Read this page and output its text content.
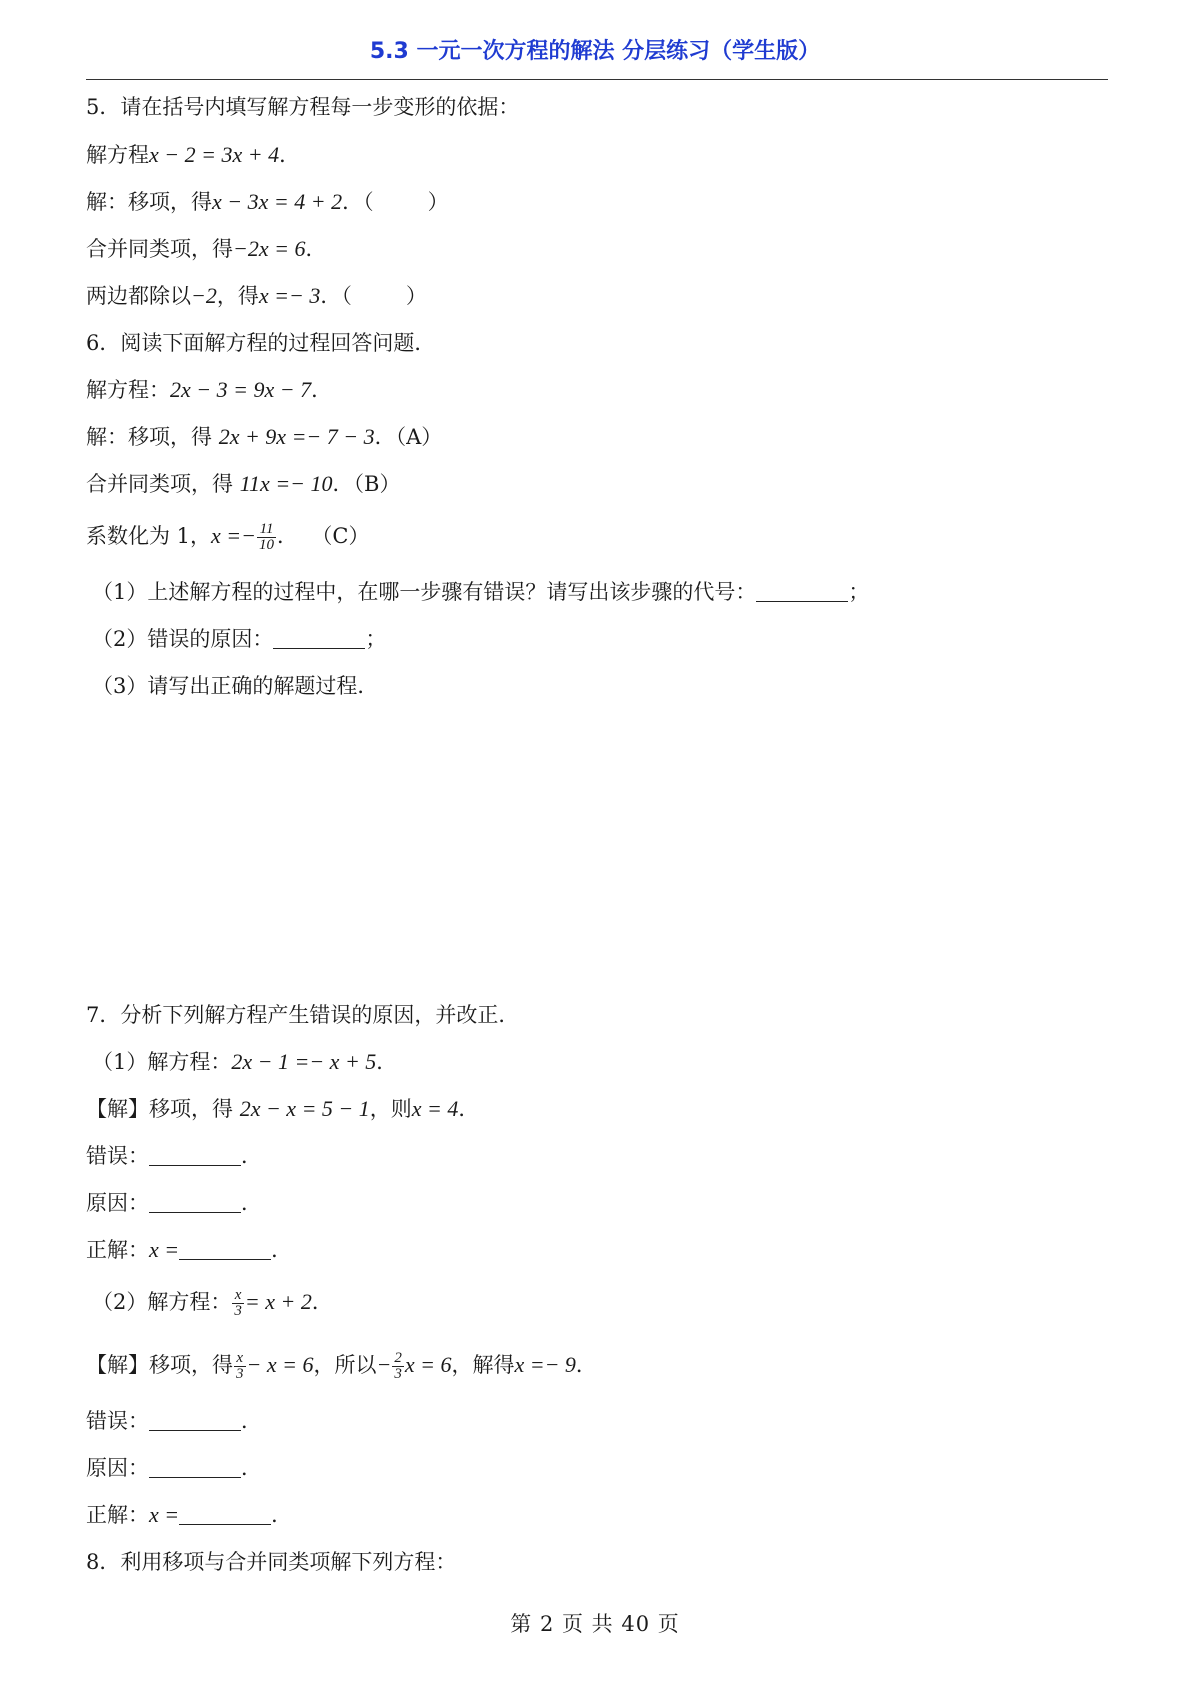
5.3 一元一次方程的解法 分层练习（学生版）
5．请在括号内填写解方程每一步变形的依据：
解方程x − 2 = 3x + 4．
解：移项，得x − 3x = 4 + 2．（	）
合并同类项，得−2x = 6．
两边都除以−2，得x =− 3．（	）
6．阅读下面解方程的过程回答问题．
解方程：2x − 3 = 9x − 7．
解：移项，得 2x + 9x =− 7 − 3．（A）
合并同类项，得 11x =− 10．（B）
系数化为 1，$x =- \frac{11}{10}$ ．  （C）
（1）上述解方程的过程中，在哪一步骤有错误？请写出该步骤的代号：	；
（2）错误的原因：	；
（3）请写出正确的解题过程．
7．分析下列解方程产生错误的原因，并改正．
（1）解方程：2x − 1 =− x + 5．
【解】移项，得 2x − x = 5 − 1，则x = 4．
错误：	．
原因：	．
正解：x =	．
（2）解方程： $\frac{x}{3} = x + 2$．
【解】移项，得 $\frac{x}{3} - x = 6$，所以− $\frac{2}{3}$ x = 6，解得x =− 9．
错误：	．
原因：	．
正解：x =	．
8．利用移项与合并同类项解下列方程：
第 2 页 共 40 页
